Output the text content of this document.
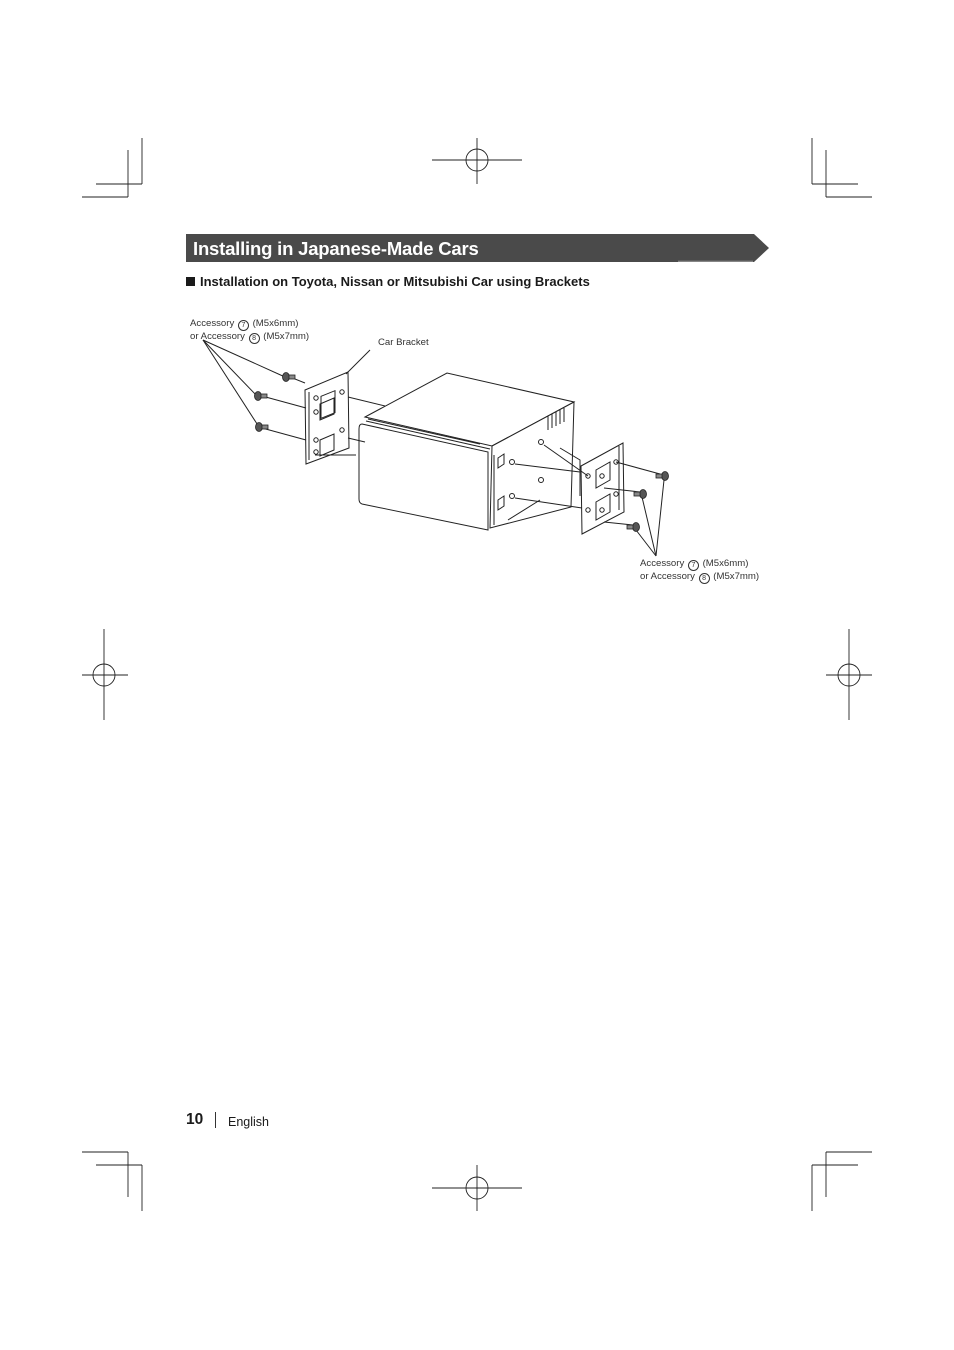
Installing in Japanese-Made Cars
Installation on Toyota, Nissan or Mitsubishi Car using Brackets
Accessory 7 (M5x6mm)
or Accessory 8 (M5x7mm)
Car Bracket
Accessory 7 (M5x6mm)
or Accessory 8 (M5x7mm)
10 English
